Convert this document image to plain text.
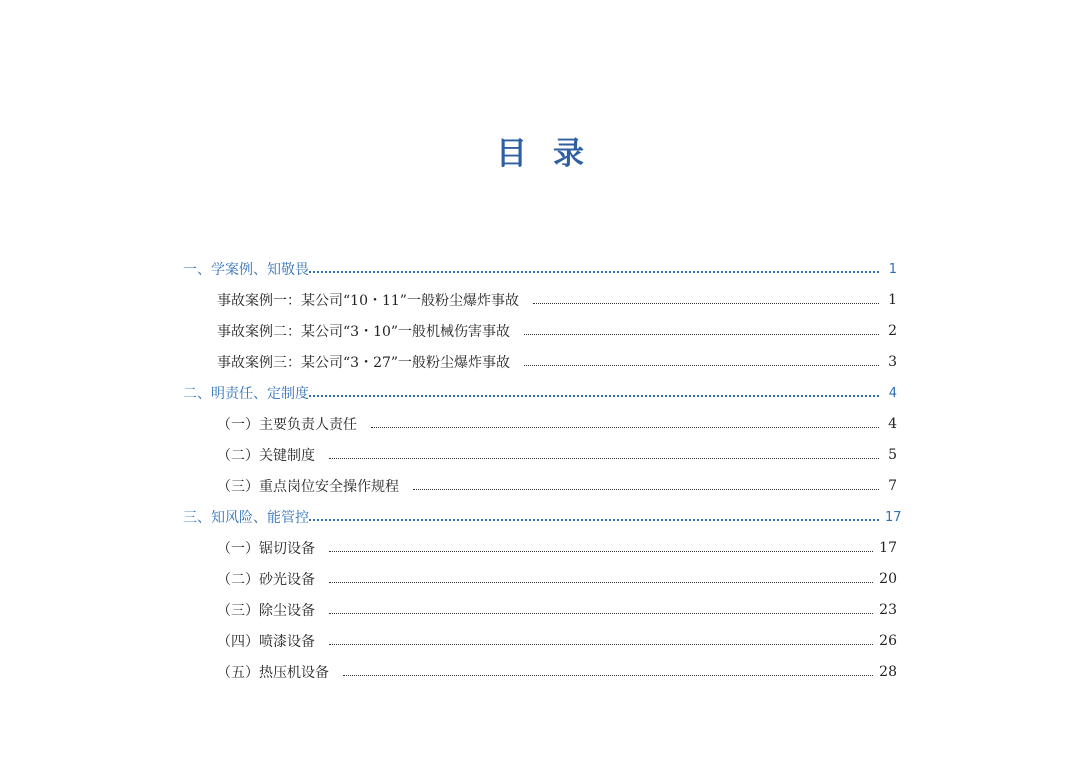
目 录
一、学案例、知敬畏	1
事故案例一：某公司“10・11”一般粉尘爆炸事故	1
事故案例二：某公司“3・10”一般机械伤害事故	2
事故案例三：某公司“3・27”一般粉尘爆炸事故	3
二、明责任、定制度	4
（一）主要负责人责任	4
（二）关键制度	5
（三）重点岗位安全操作规程	7
三、知风险、能管控	17
（一）锯切设备	17
（二）砂光设备	20
（三）除尘设备	23
（四）喷漆设备	26
（五）热压机设备	28
